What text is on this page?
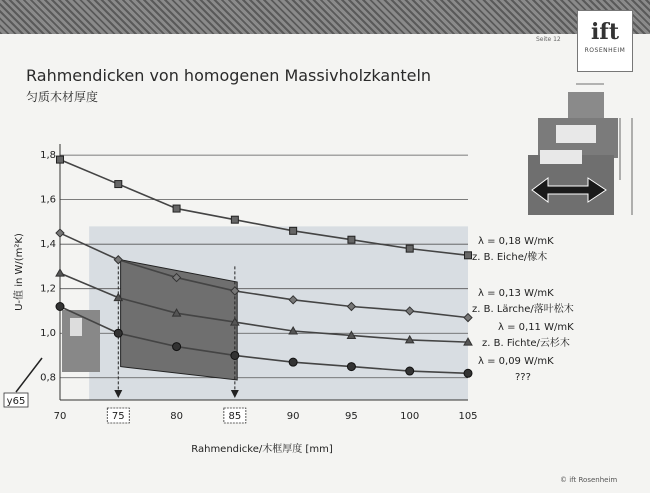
Seite 12	ift
ROSENHEIM
Rahmendicken von homogenen Massivholzkanteln
匀质木材厚度
0,8
1,0
1,2
1,4
1,6
1,8
70	75	80	85	90	95	100	105
y65
λ = 0,18 W/mK
z. B. Eiche/橡木
λ = 0,13 W/mK
z. B. Lärche/落叶松木
λ = 0,11 W/mK
z. B. Fichte/云杉木
λ = 0,09 W/mK
???
Rahmendicke/木框厚度 [mm]
U-值 in W/(m²K)
© ift Rosenheim
